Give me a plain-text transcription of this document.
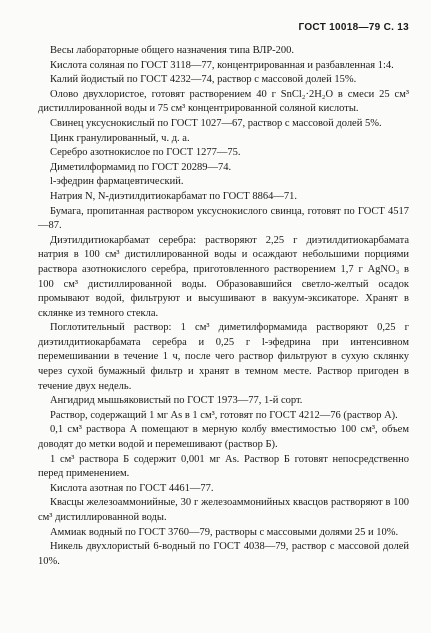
ГОСТ 10018—79 С. 13

Весы лабораторные общего назначения типа ВЛР-200.

Кислота соляная по ГОСТ 3118—77, концентрированная и разбавленная 1:4.

Калий йодистый по ГОСТ 4232—74, раствор с массовой долей 15%.

Олово двухлористое, готовят растворением 40 г SnCl₂·2H₂O в смеси 25 см³ дистиллированной воды и 75 см³ концентрированной соляной кислоты.

Свинец уксуснокислый по ГОСТ 1027—67, раствор с массовой долей 5%.

Цинк гранулированный, ч. д. а.

Серебро азотнокислое по ГОСТ 1277—75.

Диметилформамид по ГОСТ 20289—74.

l-эфедрин фармацевтический.

Натрия N, N-диэтилдитиокарбамат по ГОСТ 8864—71.

Бумага, пропитанная раствором уксуснокислого свинца, готовят по ГОСТ 4517—87.

Диэтилдитиокарбамат серебра: растворяют 2,25 г диэтилдитиокарбамата натрия в 100 см³ дистиллированной воды и осаждают небольшими порциями раствора азотнокислого серебра, приготовленного растворением 1,7 г AgNO₃ в 100 см³ дистиллированной воды. Образовавшийся светло-желтый осадок промывают водой, фильтруют и высушивают в вакуум-эксикаторе. Хранят в склянке из темного стекла.

Поглотительный раствор: 1 см³ диметилформамида растворяют 0,25 г диэтилдитиокарбамата серебра и 0,25 г l-эфедрина при интенсивном перемешивании в течение 1 ч, после чего раствор фильтруют в сухую склянку через сухой бумажный фильтр и хранят в темном месте. Раствор пригоден в течение двух недель.

Ангидрид мышьяковистый по ГОСТ 1973—77, 1-й сорт.

Раствор, содержащий 1 мг As в 1 см³, готовят по ГОСТ 4212—76 (раствор А).

0,1 см³ раствора А помещают в мерную колбу вместимостью 100 см³, объем доводят до метки водой и перемешивают (раствор Б).

1 см³ раствора Б содержит 0,001 мг As. Раствор Б готовят непосредственно перед применением.

Кислота азотная по ГОСТ 4461—77.

Квасцы железоаммонийные, 30 г железоаммонийных квасцов растворяют в 100 см³ дистиллированной воды.

Аммиак водный по ГОСТ 3760—79, растворы с массовыми долями 25 и 10%.

Никель двухлористый 6-водный по ГОСТ 4038—79, раствор с массовой долей 10%.
